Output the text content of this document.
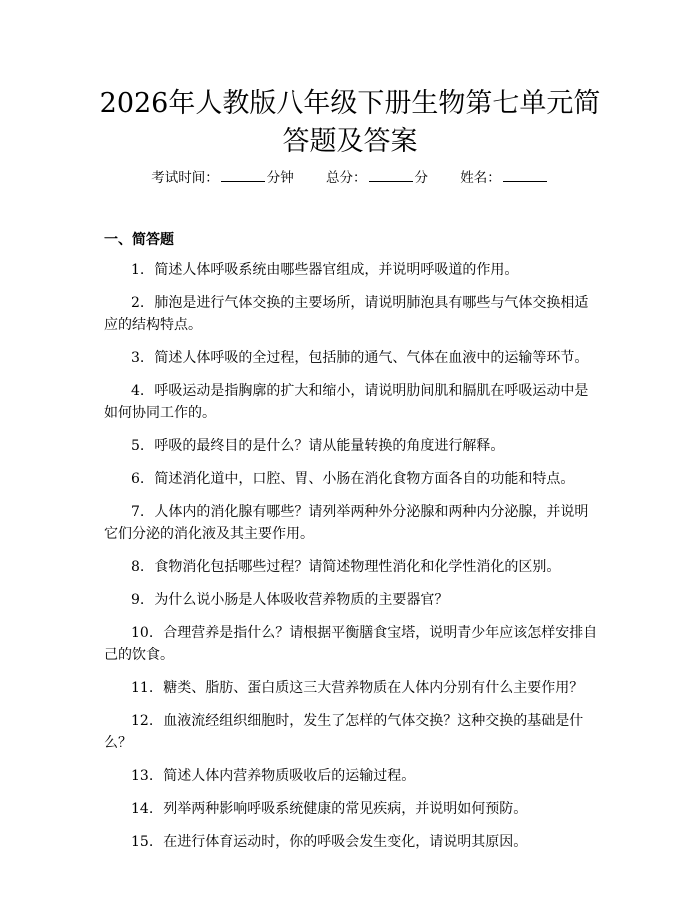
2026年人教版八年级下册生物第七单元简答题及答案
考试时间：	分钟 总分：	分 姓名：
一、简答题
1. 简述人体呼吸系统由哪些器官组成，并说明呼吸道的作用。
2. 肺泡是进行气体交换的主要场所，请说明肺泡具有哪些与气体交换相适应的结构特点。
3. 简述人体呼吸的全过程，包括肺的通气、气体在血液中的运输等环节。
4. 呼吸运动是指胸廓的扩大和缩小，请说明肋间肌和膈肌在呼吸运动中是如何协同工作的。
5. 呼吸的最终目的是什么？请从能量转换的角度进行解释。
6. 简述消化道中，口腔、胃、小肠在消化食物方面各自的功能和特点。
7. 人体内的消化腺有哪些？请列举两种外分泌腺和两种内分泌腺，并说明它们分泌的消化液及其主要作用。
8. 食物消化包括哪些过程？请简述物理性消化和化学性消化的区别。
9. 为什么说小肠是人体吸收营养物质的主要器官？
10. 合理营养是指什么？请根据平衡膳食宝塔，说明青少年应该怎样安排自己的饮食。
11. 糖类、脂肪、蛋白质这三大营养物质在人体内分别有什么主要作用？
12. 血液流经组织细胞时，发生了怎样的气体交换？这种交换的基础是什么？
13. 简述人体内营养物质吸收后的运输过程。
14. 列举两种影响呼吸系统健康的常见疾病，并说明如何预防。
15. 在进行体育运动时，你的呼吸会发生变化，请说明其原因。
